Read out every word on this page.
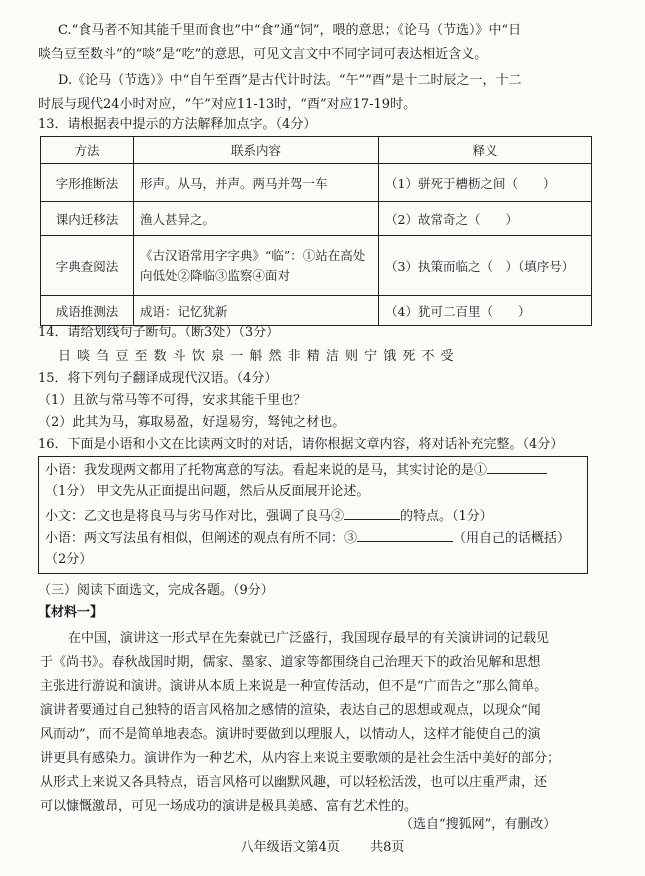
C.“食马者不知其能千里而食也”中“食”通“饲”，喂的意思；《论马（节选）》中“日
啖刍豆至数斗”的“啖”是“吃”的意思，可见文言文中不同字词可表达相近含义。
D.《论马（节选）》中“自午至酉”是古代计时法。“午”“酉”是十二时辰之一，十二
时辰与现代24小时对应，“午”对应11-13时，“酉”对应17-19时。
13．请根据表中提示的方法解释加点字。（4分）
方法	联系内容	释义
字形推断法	形声。从马，并声。两马并驾一车	（1）骈死于槽枥之间（　　）
课内迁移法	渔人甚异之。	（2）故常奇之（　　）
字典查阅法	《古汉语常用字字典》“临”：①站在高处向低处②降临③监察④面对	（3）执策而临之（　）（填序号）
成语推测法	成语：记忆犹新	（4）犹可二百里（　　）
14．请给划线句子断句。（断3处）（3分）
日 啖 刍 豆 至 数 斗 饮 泉 一 斛 然 非 精 洁 则 宁 饿 死 不 受
15．将下列句子翻译成现代汉语。（4分）
（1）且欲与常马等不可得，安求其能千里也？
（2）此其为马，寡取易盈，好逞易穷，驽钝之材也。
16．下面是小语和小文在比读两文时的对话，请你根据文章内容，将对话补充完整。（4分）
小语：我发现两文都用了托物寓意的写法。看起来说的是马，其实讨论的是①
（1分） 甲文先从正面提出问题，然后从反面展开论述。
小文：乙文也是将良马与劣马作对比，强调了良马②	的特点。（1分）
小语：两文写法虽有相似，但阐述的观点有所不同：③	（用自己的话概括）
（2分）
（三）阅读下面选文，完成各题。（9分）
【材料一】
在中国，演讲这一形式早在先秦就已广泛盛行，我国现存最早的有关演讲词的记载见
于《尚书》。春秋战国时期，儒家、墨家、道家等都围绕自己治理天下的政治见解和思想
主张进行游说和演讲。演讲从本质上来说是一种宣传活动，但不是“广而告之”那么简单。
演讲者要通过自己独特的语言风格加之感情的渲染，表达自己的思想或观点，以现众“闻
风而动”，而不是简单地表态。演讲时要做到以理服人，以情动人，这样才能使自己的演
讲更具有感染力。演讲作为一种艺术，从内容上来说主要歌颂的是社会生活中美好的部分；
从形式上来说又各具特点，语言风格可以幽默风趣，可以轻松活泼，也可以庄重严肃，还
可以慷慨激昂，可见一场成功的演讲是极具美感、富有艺术性的。
（选自“搜狐网”，有删改）
八年级语文第4页 共8页
